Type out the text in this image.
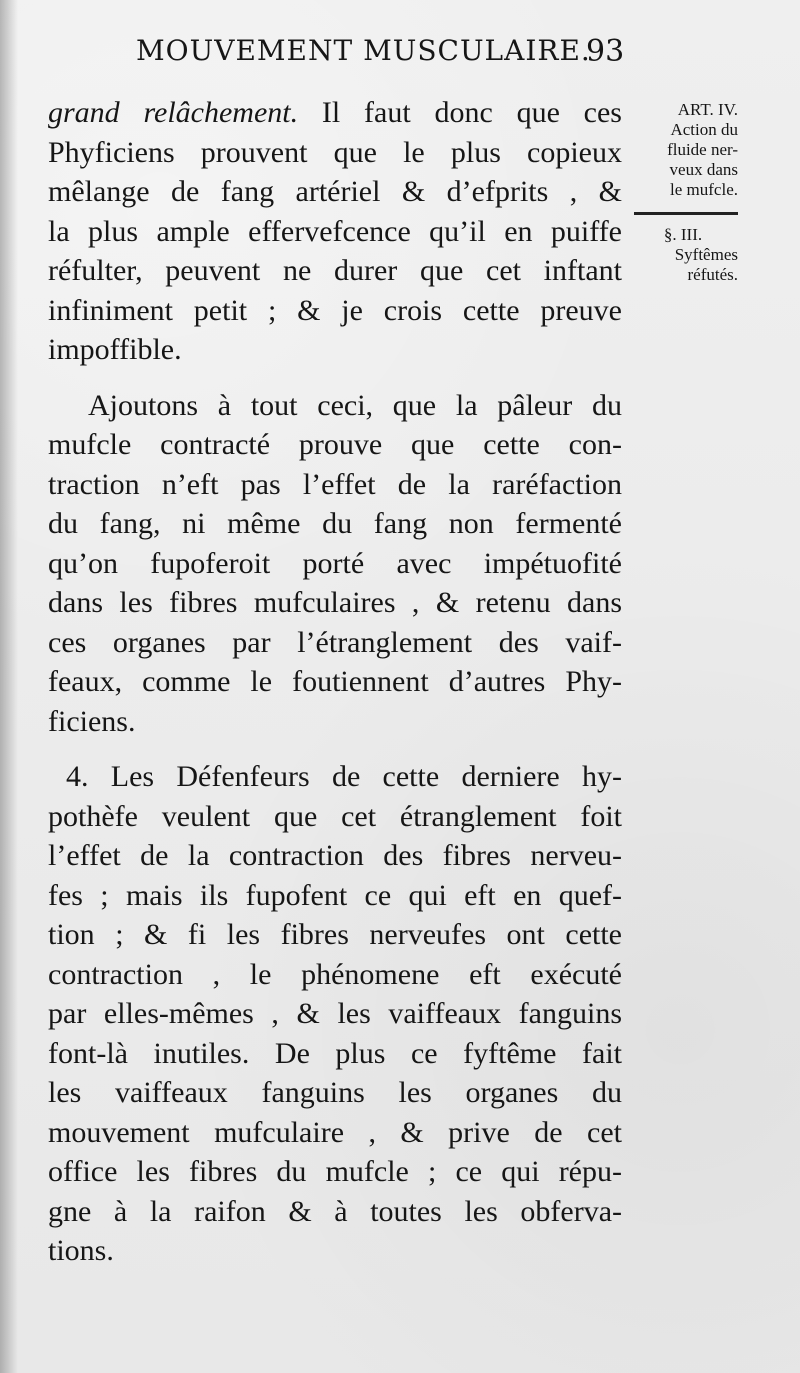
MOUVEMENT MUSCULAIRE.
93
ART. IV.
Action du
fluide ner-
veux dans
le mufcle.
§. III.
Syftêmes
réfutés.
grand relâchement. Il faut donc que ces
Phyficiens prouvent que le plus copieux
mêlange de fang artériel & d’efprits , &
la plus ample effervefcence qu’il en puiffe
réfulter, peuvent ne durer que cet inftant
infiniment petit ; & je crois cette preuve
impoffible.
Ajoutons à tout ceci, que la pâleur du
mufcle contracté prouve que cette con-
traction n’eft pas l’effet de la raréfaction
du fang, ni même du fang non fermenté
qu’on fupoferoit porté avec impétuofité
dans les fibres mufculaires , & retenu dans
ces organes par l’étranglement des vaif-
feaux, comme le foutiennent d’autres Phy-
ficiens.
4. Les Défenfeurs de cette derniere hy-
pothèfe veulent que cet étranglement foit
l’effet de la contraction des fibres nerveu-
fes ; mais ils fupofent ce qui eft en quef-
tion ; & fi les fibres nerveufes ont cette
contraction , le phénomene eft exécuté
par elles-mêmes , & les vaiffeaux fanguins
font-là inutiles. De plus ce fyftême fait
les vaiffeaux fanguins les organes du
mouvement mufculaire , & prive de cet
office les fibres du mufcle ; ce qui répu-
gne à la raifon & à toutes les obferva-
tions.
